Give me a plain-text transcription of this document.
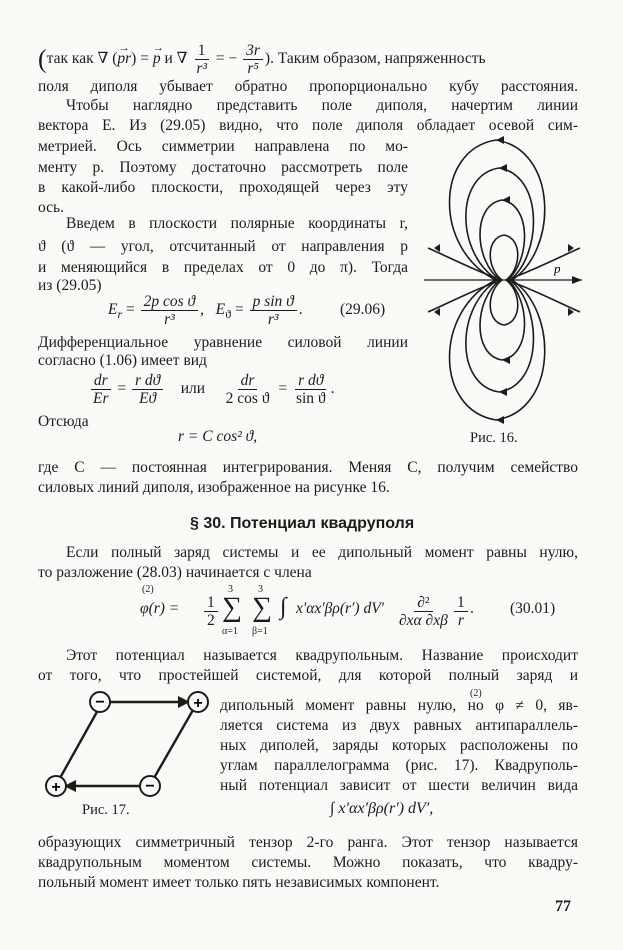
(так как ∇ (→ pr) = → p и ∇ $\frac{1}{\text{r³}}$ = − $\frac{3r}{\text{r⁵}}$ ). Таким образом, напряженность
поля диполя убывает обратно пропорционально кубу расстояния.
Чтобы наглядно представить поле диполя, начертим линии
вектора E. Из (29.05) видно, что поле диполя обладает осевой сим-
метрией. Ось симметрии направлена по мо-
менту p. Поэтому достаточно рассмотреть поле
в какой-либо плоскости, проходящей через эту
ось.
Введем в плоскости полярные координаты r,
ϑ (ϑ — угол, отсчитанный от направления p
и меняющийся в пределах от 0 до π). Тогда
из (29.05)
$E_r = \frac{\text{2p cos ϑ}}{\text{r³}}$ ,   $E_ϑ = \frac{\text{p sin ϑ}}{\text{r³}}$ . (29.06)
Дифференциальное уравнение силовой линии
согласно (1.06) имеет вид
$\frac{dr}{Er} = \frac{\text{r dϑ}}{Eϑ}$ или $\frac{dr}{\text{2 cos ϑ}} = \frac{\text{r dϑ}}{\text{sin ϑ}}$ .
Отсюда
r = C cos² ϑ,
p
Рис. 16.
где C — постоянная интегрирования. Меняя C, получим семейство
силовых линий диполя, изображенное на рисунке 16.
§ 30. Потенциал квадруполя
Если полный заряд системы и ее дипольный момент равны нулю,
то разложение (28.03) начинается с члена
(2)
$\varphi(r) = \frac{1}{2}$
3
∑
α=1
3
∑
β=1
∫ x′αx′βρ(r′) dV′ ∂²
∂xα $\partial x\beta \frac{1}{r}$ . (30.01)
Этот потенциал называется квадрупольным. Название происходит
от того, что простейшей системой, для которой полный заряд и
(2)
дипольный момент равны нулю, но φ ≠ 0, яв-
ляется система из двух равных антипараллель-
ных диполей, заряды которых расположены по
углам параллелограмма (рис. 17). Квадруполь-
ный потенциал зависит от шести величин вида
−	+
+	−
Рис. 17.	∫ x′αx′βρ(r′) dV′,
образующих симметричный тензор 2-го ранга. Этот тензор называется
квадрупольным моментом системы. Можно показать, что квадру-
польный момент имеет только пять независимых компонент.
77
